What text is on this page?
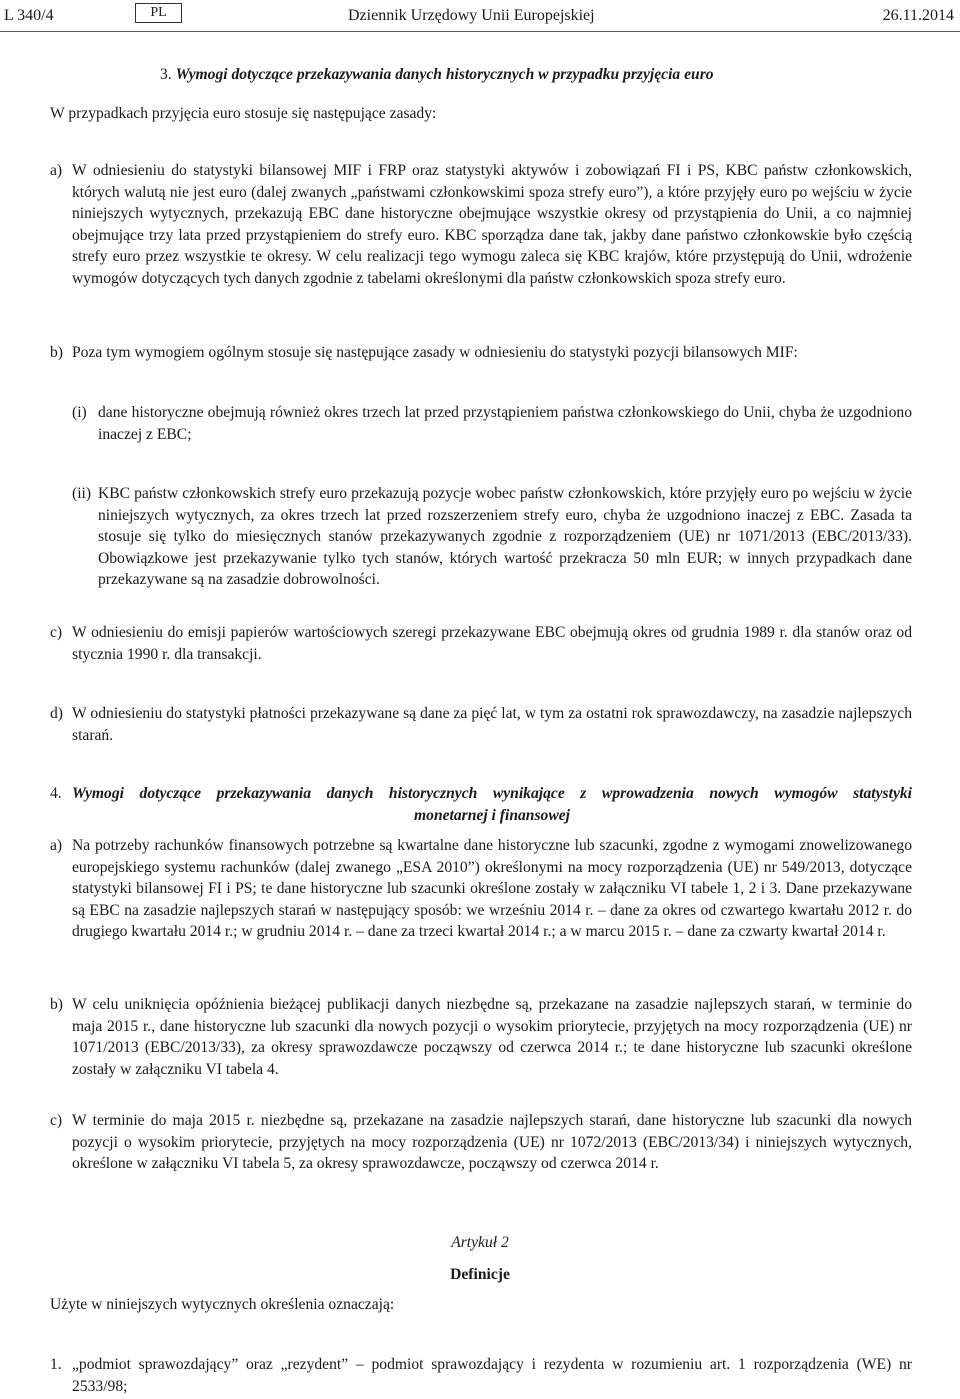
L 340/4	PL	Dziennik Urzędowy Unii Europejskiej	26.11.2014
3. Wymogi dotyczące przekazywania danych historycznych w przypadku przyjęcia euro
W przypadkach przyjęcia euro stosuje się następujące zasady:
a) W odniesieniu do statystyki bilansowej MIF i FRP oraz statystyki aktywów i zobowiązań FI i PS, KBC państw członkowskich, których walutą nie jest euro (dalej zwanych „państwami członkowskimi spoza strefy euro”), a które przyjęły euro po wejściu w życie niniejszych wytycznych, przekazują EBC dane historyczne obejmujące wszystkie okresy od przystąpienia do Unii, a co najmniej obejmujące trzy lata przed przystąpieniem do strefy euro. KBC sporządza dane tak, jakby dane państwo członkowskie było częścią strefy euro przez wszystkie te okresy. W celu realizacji tego wymogu zaleca się KBC krajów, które przystępują do Unii, wdrożenie wymogów dotyczących tych danych zgodnie z tabelami określonymi dla państw członkowskich spoza strefy euro.
b) Poza tym wymogiem ogólnym stosuje się następujące zasady w odniesieniu do statystyki pozycji bilansowych MIF:
(i) dane historyczne obejmują również okres trzech lat przed przystąpieniem państwa członkowskiego do Unii, chyba że uzgodniono inaczej z EBC;
(ii) KBC państw członkowskich strefy euro przekazują pozycje wobec państw członkowskich, które przyjęły euro po wejściu w życie niniejszych wytycznych, za okres trzech lat przed rozszerzeniem strefy euro, chyba że uzgodniono inaczej z EBC. Zasada ta stosuje się tylko do miesięcznych stanów przekazywanych zgodnie z rozporządzeniem (UE) nr 1071/2013 (EBC/2013/33). Obowiązkowe jest przekazywanie tylko tych stanów, których wartość przekracza 50 mln EUR; w innych przypadkach dane przekazywane są na zasadzie dobrowolności.
c) W odniesieniu do emisji papierów wartościowych szeregi przekazywane EBC obejmują okres od grudnia 1989 r. dla stanów oraz od stycznia 1990 r. dla transakcji.
d) W odniesieniu do statystyki płatności przekazywane są dane za pięć lat, w tym za ostatni rok sprawozdawczy, na zasadzie najlepszych starań.
4. Wymogi dotyczące przekazywania danych historycznych wynikające z wprowadzenia nowych wymogów statystyki
monetarnej i finansowej
a) Na potrzeby rachunków finansowych potrzebne są kwartalne dane historyczne lub szacunki, zgodne z wymogami znowelizowanego europejskiego systemu rachunków (dalej zwanego „ESA 2010”) określonymi na mocy rozporządzenia (UE) nr 549/2013, dotyczące statystyki bilansowej FI i PS; te dane historyczne lub szacunki określone zostały w załączniku VI tabele 1, 2 i 3. Dane przekazywane są EBC na zasadzie najlepszych starań w następujący sposób: we wrześniu 2014 r. – dane za okres od czwartego kwartału 2012 r. do drugiego kwartału 2014 r.; w grudniu 2014 r. – dane za trzeci kwartał 2014 r.; a w marcu 2015 r. – dane za czwarty kwartał 2014 r.
b) W celu uniknięcia opóźnienia bieżącej publikacji danych niezbędne są, przekazane na zasadzie najlepszych starań, w terminie do maja 2015 r., dane historyczne lub szacunki dla nowych pozycji o wysokim priorytecie, przyjętych na mocy rozporządzenia (UE) nr 1071/2013 (EBC/2013/33), za okresy sprawozdawcze począwszy od czerwca 2014 r.; te dane historyczne lub szacunki określone zostały w załączniku VI tabela 4.
c) W terminie do maja 2015 r. niezbędne są, przekazane na zasadzie najlepszych starań, dane historyczne lub szacunki dla nowych pozycji o wysokim priorytecie, przyjętych na mocy rozporządzenia (UE) nr 1072/2013 (EBC/2013/34) i niniejszych wytycznych, określone w załączniku VI tabela 5, za okresy sprawozdawcze, począwszy od czerwca 2014 r.
Artykuł 2
Definicje
Użyte w niniejszych wytycznych określenia oznaczają:
1. „podmiot sprawozdający” oraz „rezydent” – podmiot sprawozdający i rezydenta w rozumieniu art. 1 rozporządzenia (WE) nr 2533/98;
